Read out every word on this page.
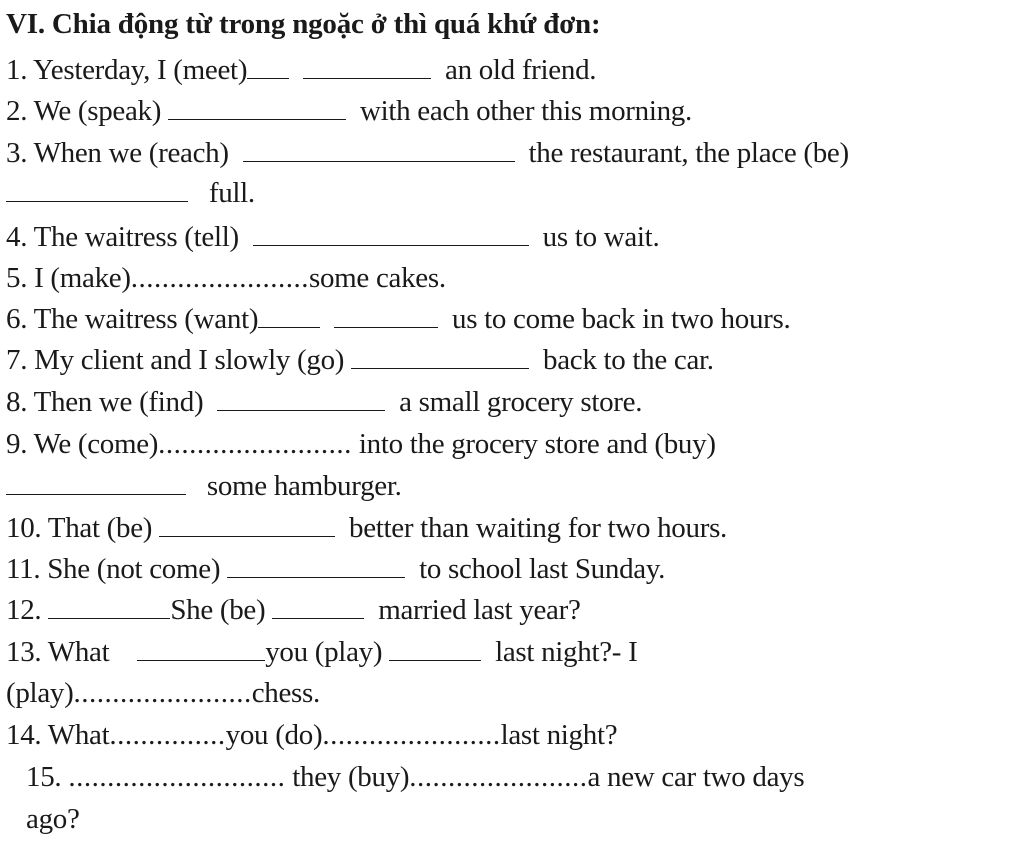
VI. Chia động từ trong ngoặc ở thì quá khứ đơn:
1. Yesterday, I (meet)	an old friend.
2. We (speak)	with each other this morning.
3. When we (reach)	the restaurant, the place (be)
full.
4. The waitress (tell)	us to wait.
5. I (make).......................some cakes.
6. The waitress (want)	us to come back in two hours.
7. My client and I slowly (go)	back to the car.
8. Then we (find)	a small grocery store.
9. We (come)......................... into the grocery store and (buy)
some hamburger.
10. That (be)	better than waiting for two hours.
11. She (not come)	to school last Sunday.
12.	She (be)	married last year?
13. What	you (play)	last night?- I
(play).......................chess.
14. What...............you (do).......................last night?
15. ............................ they (buy).......................a new car two days
ago?
